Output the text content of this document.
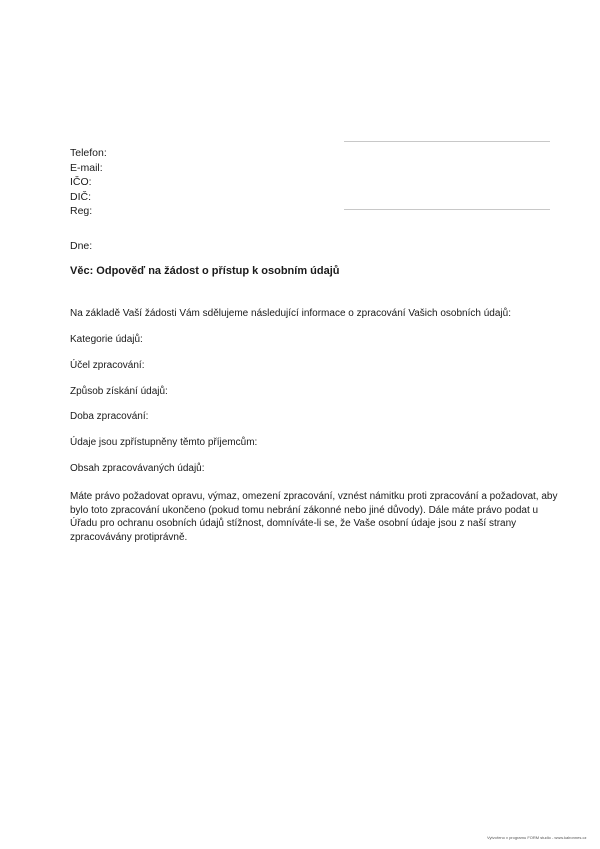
Telefon:
E-mail:
IČO:
DIČ:
Reg:
Dne:
Věc: Odpověď na žádost o přístup k osobním údajů
Na základě Vaší žádosti Vám sdělujeme následující informace o zpracování Vašich osobních údajů:
Kategorie údajů:
Účel zpracování:
Způsob získání údajů:
Doba zpracování:
Údaje jsou zpřístupněny těmto příjemcům:
Obsah zpracovávaných údajů:
Máte právo požadovat opravu, výmaz, omezení zpracování, vznést námitku proti zpracování a požadovat, aby bylo toto zpracování ukončeno (pokud tomu nebrání zákonné nebo jiné důvody). Dále máte právo podat u Úřadu pro ochranu osobních údajů stížnost, domníváte-li se, že Vaše osobní údaje jsou z naší strany zpracovávány protiprávně.
Vytvořeno v programu FORM studio - www.kalronnes.cz
